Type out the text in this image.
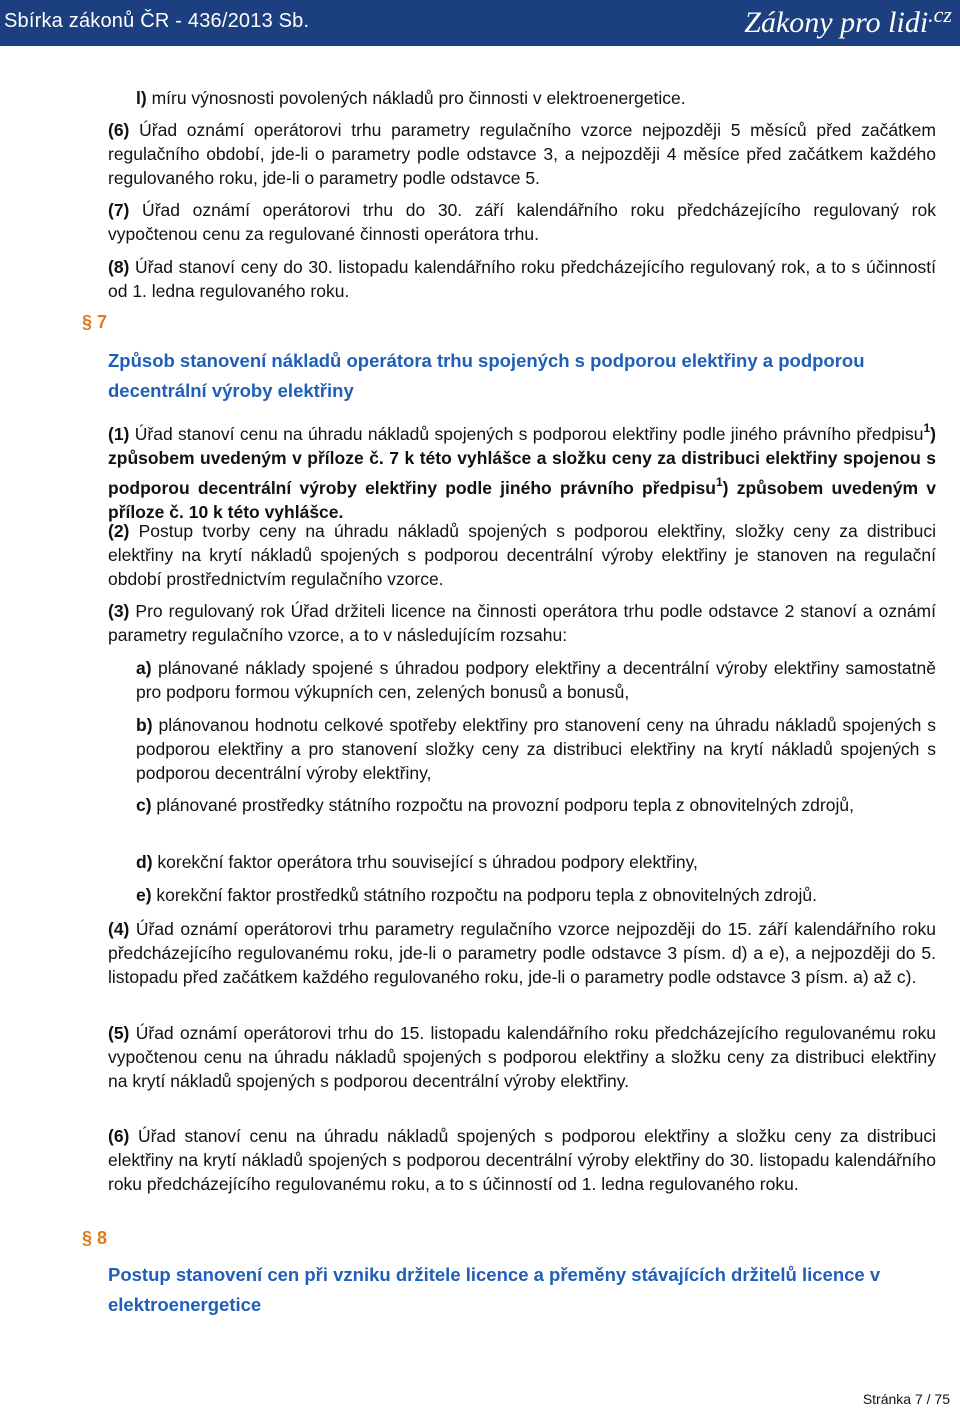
Sbírka zákonů ČR - 436/2013 Sb.	Zákony pro lidi$^{.cz}$

l) míru výnosnosti povolených nákladů pro činnosti v elektroenergetice.

(6) Úřad oznámí operátorovi trhu parametry regulačního vzorce nejpozději 5 měsíců před začátkem regulačního období, jde-li o parametry podle odstavce 3, a nejpozději 4 měsíce před začátkem každého regulovaného roku, jde-li o parametry podle odstavce 5.

(7) Úřad oznámí operátorovi trhu do 30. září kalendářního roku předcházejícího regulovaný rok vypočtenou cenu za regulované činnosti operátora trhu.

(8) Úřad stanoví ceny do 30. listopadu kalendářního roku předcházejícího regulovaný rok, a to s účinností od 1. ledna regulovaného roku.

§ 7
Způsob stanovení nákladů operátora trhu spojených s podporou elektřiny a podporou decentrální výroby elektřiny

(1) Úřad stanoví cenu na úhradu nákladů spojených s podporou elektřiny podle jiného právního předpisu$^1$) způsobem uvedeným v příloze č. 7 k této vyhlášce a složku ceny za distribuci elektřiny spojenou s podporou decentrální výroby elektřiny podle jiného právního předpisu$^1$) způsobem uvedeným v příloze č. 10 k této vyhlášce.

(2) Postup tvorby ceny na úhradu nákladů spojených s podporou elektřiny, složky ceny za distribuci elektřiny na krytí nákladů spojených s podporou decentrální výroby elektřiny je stanoven na regulační období prostřednictvím regulačního vzorce.

(3) Pro regulovaný rok Úřad držiteli licence na činnosti operátora trhu podle odstavce 2 stanoví a oznámí parametry regulačního vzorce, a to v následujícím rozsahu:

a) plánované náklady spojené s úhradou podpory elektřiny a decentrální výroby elektřiny samostatně pro podporu formou výkupních cen, zelených bonusů a bonusů,

b) plánovanou hodnotu celkové spotřeby elektřiny pro stanovení ceny na úhradu nákladů spojených s podporou elektřiny a pro stanovení složky ceny za distribuci elektřiny na krytí nákladů spojených s podporou decentrální výroby elektřiny,

c) plánované prostředky státního rozpočtu na provozní podporu tepla z obnovitelných zdrojů,

d) korekční faktor operátora trhu související s úhradou podpory elektřiny,

e) korekční faktor prostředků státního rozpočtu na podporu tepla z obnovitelných zdrojů.

(4) Úřad oznámí operátorovi trhu parametry regulačního vzorce nejpozději do 15. září kalendářního roku předcházejícího regulovanému roku, jde-li o parametry podle odstavce 3 písm. d) a e), a nejpozději do 5. listopadu před začátkem každého regulovaného roku, jde-li o parametry podle odstavce 3 písm. a) až c).

(5) Úřad oznámí operátorovi trhu do 15. listopadu kalendářního roku předcházejícího regulovanému roku vypočtenou cenu na úhradu nákladů spojených s podporou elektřiny a složku ceny za distribuci elektřiny na krytí nákladů spojených s podporou decentrální výroby elektřiny.

(6) Úřad stanoví cenu na úhradu nákladů spojených s podporou elektřiny a složku ceny za distribuci elektřiny na krytí nákladů spojených s podporou decentrální výroby elektřiny do 30. listopadu kalendářního roku předcházejícího regulovanému roku, a to s účinností od 1. ledna regulovaného roku.

§ 8
Postup stanovení cen při vzniku držitele licence a přeměny stávajících držitelů licence v elektroenergetice
Stránka 7 / 75
